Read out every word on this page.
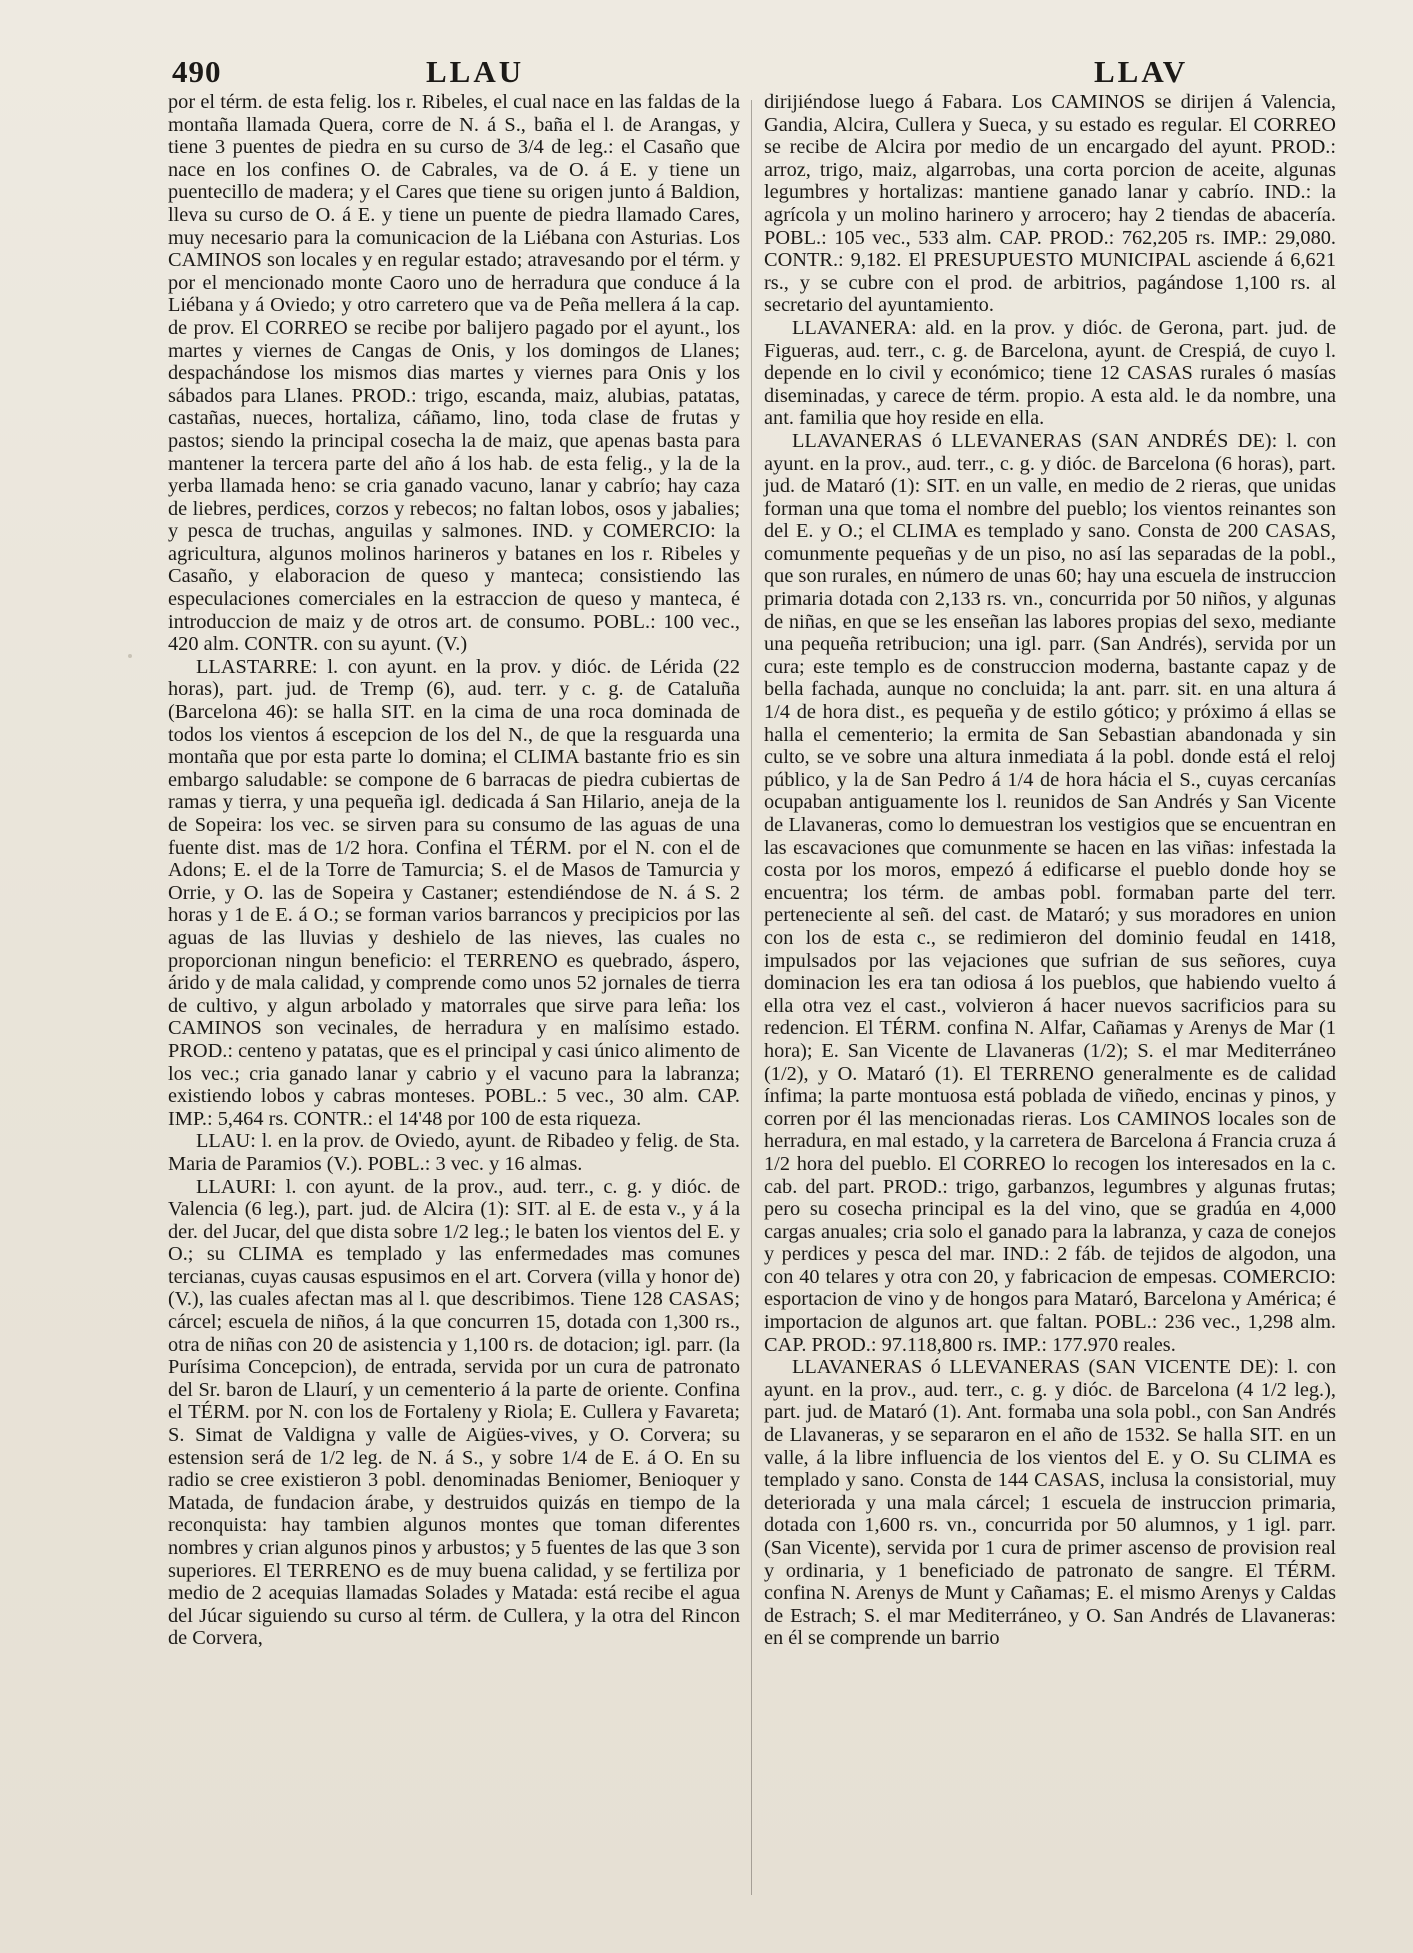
490	LLAU	LLAV

por el térm. de esta felig. los r. Ribeles, el cual nace en las faldas de la montaña llamada Quera, corre de N. á S., baña el l. de Arangas, y tiene 3 puentes de piedra en su curso de 3/4 de leg.: el Casaño que nace en los confines O. de Cabrales, va de O. á E. y tiene un puentecillo de madera; y el Cares que tiene su origen junto á Baldion, lleva su curso de O. á E. y tiene un puente de piedra llamado Cares, muy necesario para la comunicacion de la Liébana con Asturias. Los CAMINOS son locales y en regular estado; atravesando por el térm. y por el mencionado monte Caoro uno de herradura que conduce á la Liébana y á Oviedo; y otro carretero que va de Peña mellera á la cap. de prov. El CORREO se recibe por balijero pagado por el ayunt., los martes y viernes de Cangas de Onis, y los domingos de Llanes; despachándose los mismos dias martes y viernes para Onis y los sábados para Llanes. PROD.: trigo, escanda, maiz, alubias, patatas, castañas, nueces, hortaliza, cáñamo, lino, toda clase de frutas y pastos; siendo la principal cosecha la de maiz, que apenas basta para mantener la tercera parte del año á los hab. de esta felig., y la de la yerba llamada heno: se cria ganado vacuno, lanar y cabrío; hay caza de liebres, perdices, corzos y rebecos; no faltan lobos, osos y jabalies; y pesca de truchas, anguilas y salmones. IND. y COMERCIO: la agricultura, algunos molinos harineros y batanes en los r. Ribeles y Casaño, y elaboracion de queso y manteca; consistiendo las especulaciones comerciales en la estraccion de queso y manteca, é introduccion de maiz y de otros art. de consumo. POBL.: 100 vec., 420 alm. CONTR. con su ayunt. (V.)

LLASTARRE: l. con ayunt. en la prov. y dióc. de Lérida (22 horas), part. jud. de Tremp (6), aud. terr. y c. g. de Cataluña (Barcelona 46): se halla SIT. en la cima de una roca dominada de todos los vientos á escepcion de los del N., de que la resguarda una montaña que por esta parte lo domina; el CLIMA bastante frio es sin embargo saludable: se compone de 6 barracas de piedra cubiertas de ramas y tierra, y una pequeña igl. dedicada á San Hilario, aneja de la de Sopeira: los vec. se sirven para su consumo de las aguas de una fuente dist. mas de 1/2 hora. Confina el TÉRM. por el N. con el de Adons; E. el de la Torre de Tamurcia; S. el de Masos de Tamurcia y Orrie, y O. las de Sopeira y Castaner; estendiéndose de N. á S. 2 horas y 1 de E. á O.; se forman varios barrancos y precipicios por las aguas de las lluvias y deshielo de las nieves, las cuales no proporcionan ningun beneficio: el TERRENO es quebrado, áspero, árido y de mala calidad, y comprende como unos 52 jornales de tierra de cultivo, y algun arbolado y matorrales que sirve para leña: los CAMINOS son vecinales, de herradura y en malísimo estado. PROD.: centeno y patatas, que es el principal y casi único alimento de los vec.; cria ganado lanar y cabrio y el vacuno para la labranza; existiendo lobos y cabras monteses. POBL.: 5 vec., 30 alm. CAP. IMP.: 5,464 rs. CONTR.: el 14'48 por 100 de esta riqueza.

LLAU: l. en la prov. de Oviedo, ayunt. de Ribadeo y felig. de Sta. Maria de Paramios (V.). POBL.: 3 vec. y 16 almas.

LLAURI: l. con ayunt. de la prov., aud. terr., c. g. y dióc. de Valencia (6 leg.), part. jud. de Alcira (1): SIT. al E. de esta v., y á la der. del Jucar, del que dista sobre 1/2 leg.; le baten los vientos del E. y O.; su CLIMA es templado y las enfermedades mas comunes tercianas, cuyas causas espusimos en el art. Corvera (villa y honor de) (V.), las cuales afectan mas al l. que describimos. Tiene 128 CASAS; cárcel; escuela de niños, á la que concurren 15, dotada con 1,300 rs., otra de niñas con 20 de asistencia y 1,100 rs. de dotacion; igl. parr. (la Purísima Concepcion), de entrada, servida por un cura de patronato del Sr. baron de Llaurí, y un cementerio á la parte de oriente. Confina el TÉRM. por N. con los de Fortaleny y Riola; E. Cullera y Favareta; S. Simat de Valdigna y valle de Aigües-vives, y O. Corvera; su estension será de 1/2 leg. de N. á S., y sobre 1/4 de E. á O. En su radio se cree existieron 3 pobl. denominadas Beniomer, Benioquer y Matada, de fundacion árabe, y destruidos quizás en tiempo de la reconquista: hay tambien algunos montes que toman diferentes nombres y crian algunos pinos y arbustos; y 5 fuentes de las que 3 son superiores. El TERRENO es de muy buena calidad, y se fertiliza por medio de 2 acequias llamadas Solades y Matada: está recibe el agua del Júcar siguiendo su curso al térm. de Cullera, y la otra del Rincon de Corvera,

dirijiéndose luego á Fabara. Los CAMINOS se dirijen á Valencia, Gandia, Alcira, Cullera y Sueca, y su estado es regular. El CORREO se recibe de Alcira por medio de un encargado del ayunt. PROD.: arroz, trigo, maiz, algarrobas, una corta porcion de aceite, algunas legumbres y hortalizas: mantiene ganado lanar y cabrío. IND.: la agrícola y un molino harinero y arrocero; hay 2 tiendas de abacería. POBL.: 105 vec., 533 alm. CAP. PROD.: 762,205 rs. IMP.: 29,080. CONTR.: 9,182. El PRESUPUESTO MUNICIPAL asciende á 6,621 rs., y se cubre con el prod. de arbitrios, pagándose 1,100 rs. al secretario del ayuntamiento.

LLAVANERA: ald. en la prov. y dióc. de Gerona, part. jud. de Figueras, aud. terr., c. g. de Barcelona, ayunt. de Crespiá, de cuyo l. depende en lo civil y económico; tiene 12 CASAS rurales ó masías diseminadas, y carece de térm. propio. A esta ald. le da nombre, una ant. familia que hoy reside en ella.

LLAVANERAS ó LLEVANERAS (SAN ANDRÉS DE): l. con ayunt. en la prov., aud. terr., c. g. y dióc. de Barcelona (6 horas), part. jud. de Mataró (1): SIT. en un valle, en medio de 2 rieras, que unidas forman una que toma el nombre del pueblo; los vientos reinantes son del E. y O.; el CLIMA es templado y sano. Consta de 200 CASAS, comunmente pequeñas y de un piso, no así las separadas de la pobl., que son rurales, en número de unas 60; hay una escuela de instruccion primaria dotada con 2,133 rs. vn., concurrida por 50 niños, y algunas de niñas, en que se les enseñan las labores propias del sexo, mediante una pequeña retribucion; una igl. parr. (San Andrés), servida por un cura; este templo es de construccion moderna, bastante capaz y de bella fachada, aunque no concluida; la ant. parr. sit. en una altura á 1/4 de hora dist., es pequeña y de estilo gótico; y próximo á ellas se halla el cementerio; la ermita de San Sebastian abandonada y sin culto, se ve sobre una altura inmediata á la pobl. donde está el reloj público, y la de San Pedro á 1/4 de hora hácia el S., cuyas cercanías ocupaban antiguamente los l. reunidos de San Andrés y San Vicente de Llavaneras, como lo demuestran los vestigios que se encuentran en las escavaciones que comunmente se hacen en las viñas: infestada la costa por los moros, empezó á edificarse el pueblo donde hoy se encuentra; los térm. de ambas pobl. formaban parte del terr. perteneciente al señ. del cast. de Mataró; y sus moradores en union con los de esta c., se redimieron del dominio feudal en 1418, impulsados por las vejaciones que sufrian de sus señores, cuya dominacion les era tan odiosa á los pueblos, que habiendo vuelto á ella otra vez el cast., volvieron á hacer nuevos sacrificios para su redencion. El TÉRM. confina N. Alfar, Cañamas y Arenys de Mar (1 hora); E. San Vicente de Llavaneras (1/2); S. el mar Mediterráneo (1/2), y O. Mataró (1). El TERRENO generalmente es de calidad ínfima; la parte montuosa está poblada de viñedo, encinas y pinos, y corren por él las mencionadas rieras. Los CAMINOS locales son de herradura, en mal estado, y la carretera de Barcelona á Francia cruza á 1/2 hora del pueblo. El CORREO lo recogen los interesados en la c. cab. del part. PROD.: trigo, garbanzos, legumbres y algunas frutas; pero su cosecha principal es la del vino, que se gradúa en 4,000 cargas anuales; cria solo el ganado para la labranza, y caza de conejos y perdices y pesca del mar. IND.: 2 fáb. de tejidos de algodon, una con 40 telares y otra con 20, y fabricacion de empesas. COMERCIO: esportacion de vino y de hongos para Mataró, Barcelona y América; é importacion de algunos art. que faltan. POBL.: 236 vec., 1,298 alm. CAP. PROD.: 97.118,800 rs. IMP.: 177.970 reales.

LLAVANERAS ó LLEVANERAS (SAN VICENTE DE): l. con ayunt. en la prov., aud. terr., c. g. y dióc. de Barcelona (4 1/2 leg.), part. jud. de Mataró (1). Ant. formaba una sola pobl., con San Andrés de Llavaneras, y se separaron en el año de 1532. Se halla SIT. en un valle, á la libre influencia de los vientos del E. y O. Su CLIMA es templado y sano. Consta de 144 CASAS, inclusa la consistorial, muy deteriorada y una mala cárcel; 1 escuela de instruccion primaria, dotada con 1,600 rs. vn., concurrida por 50 alumnos, y 1 igl. parr. (San Vicente), servida por 1 cura de primer ascenso de provision real y ordinaria, y 1 beneficiado de patronato de sangre. El TÉRM. confina N. Arenys de Munt y Cañamas; E. el mismo Arenys y Caldas de Estrach; S. el mar Mediterráneo, y O. San Andrés de Llavaneras: en él se comprende un barrio
